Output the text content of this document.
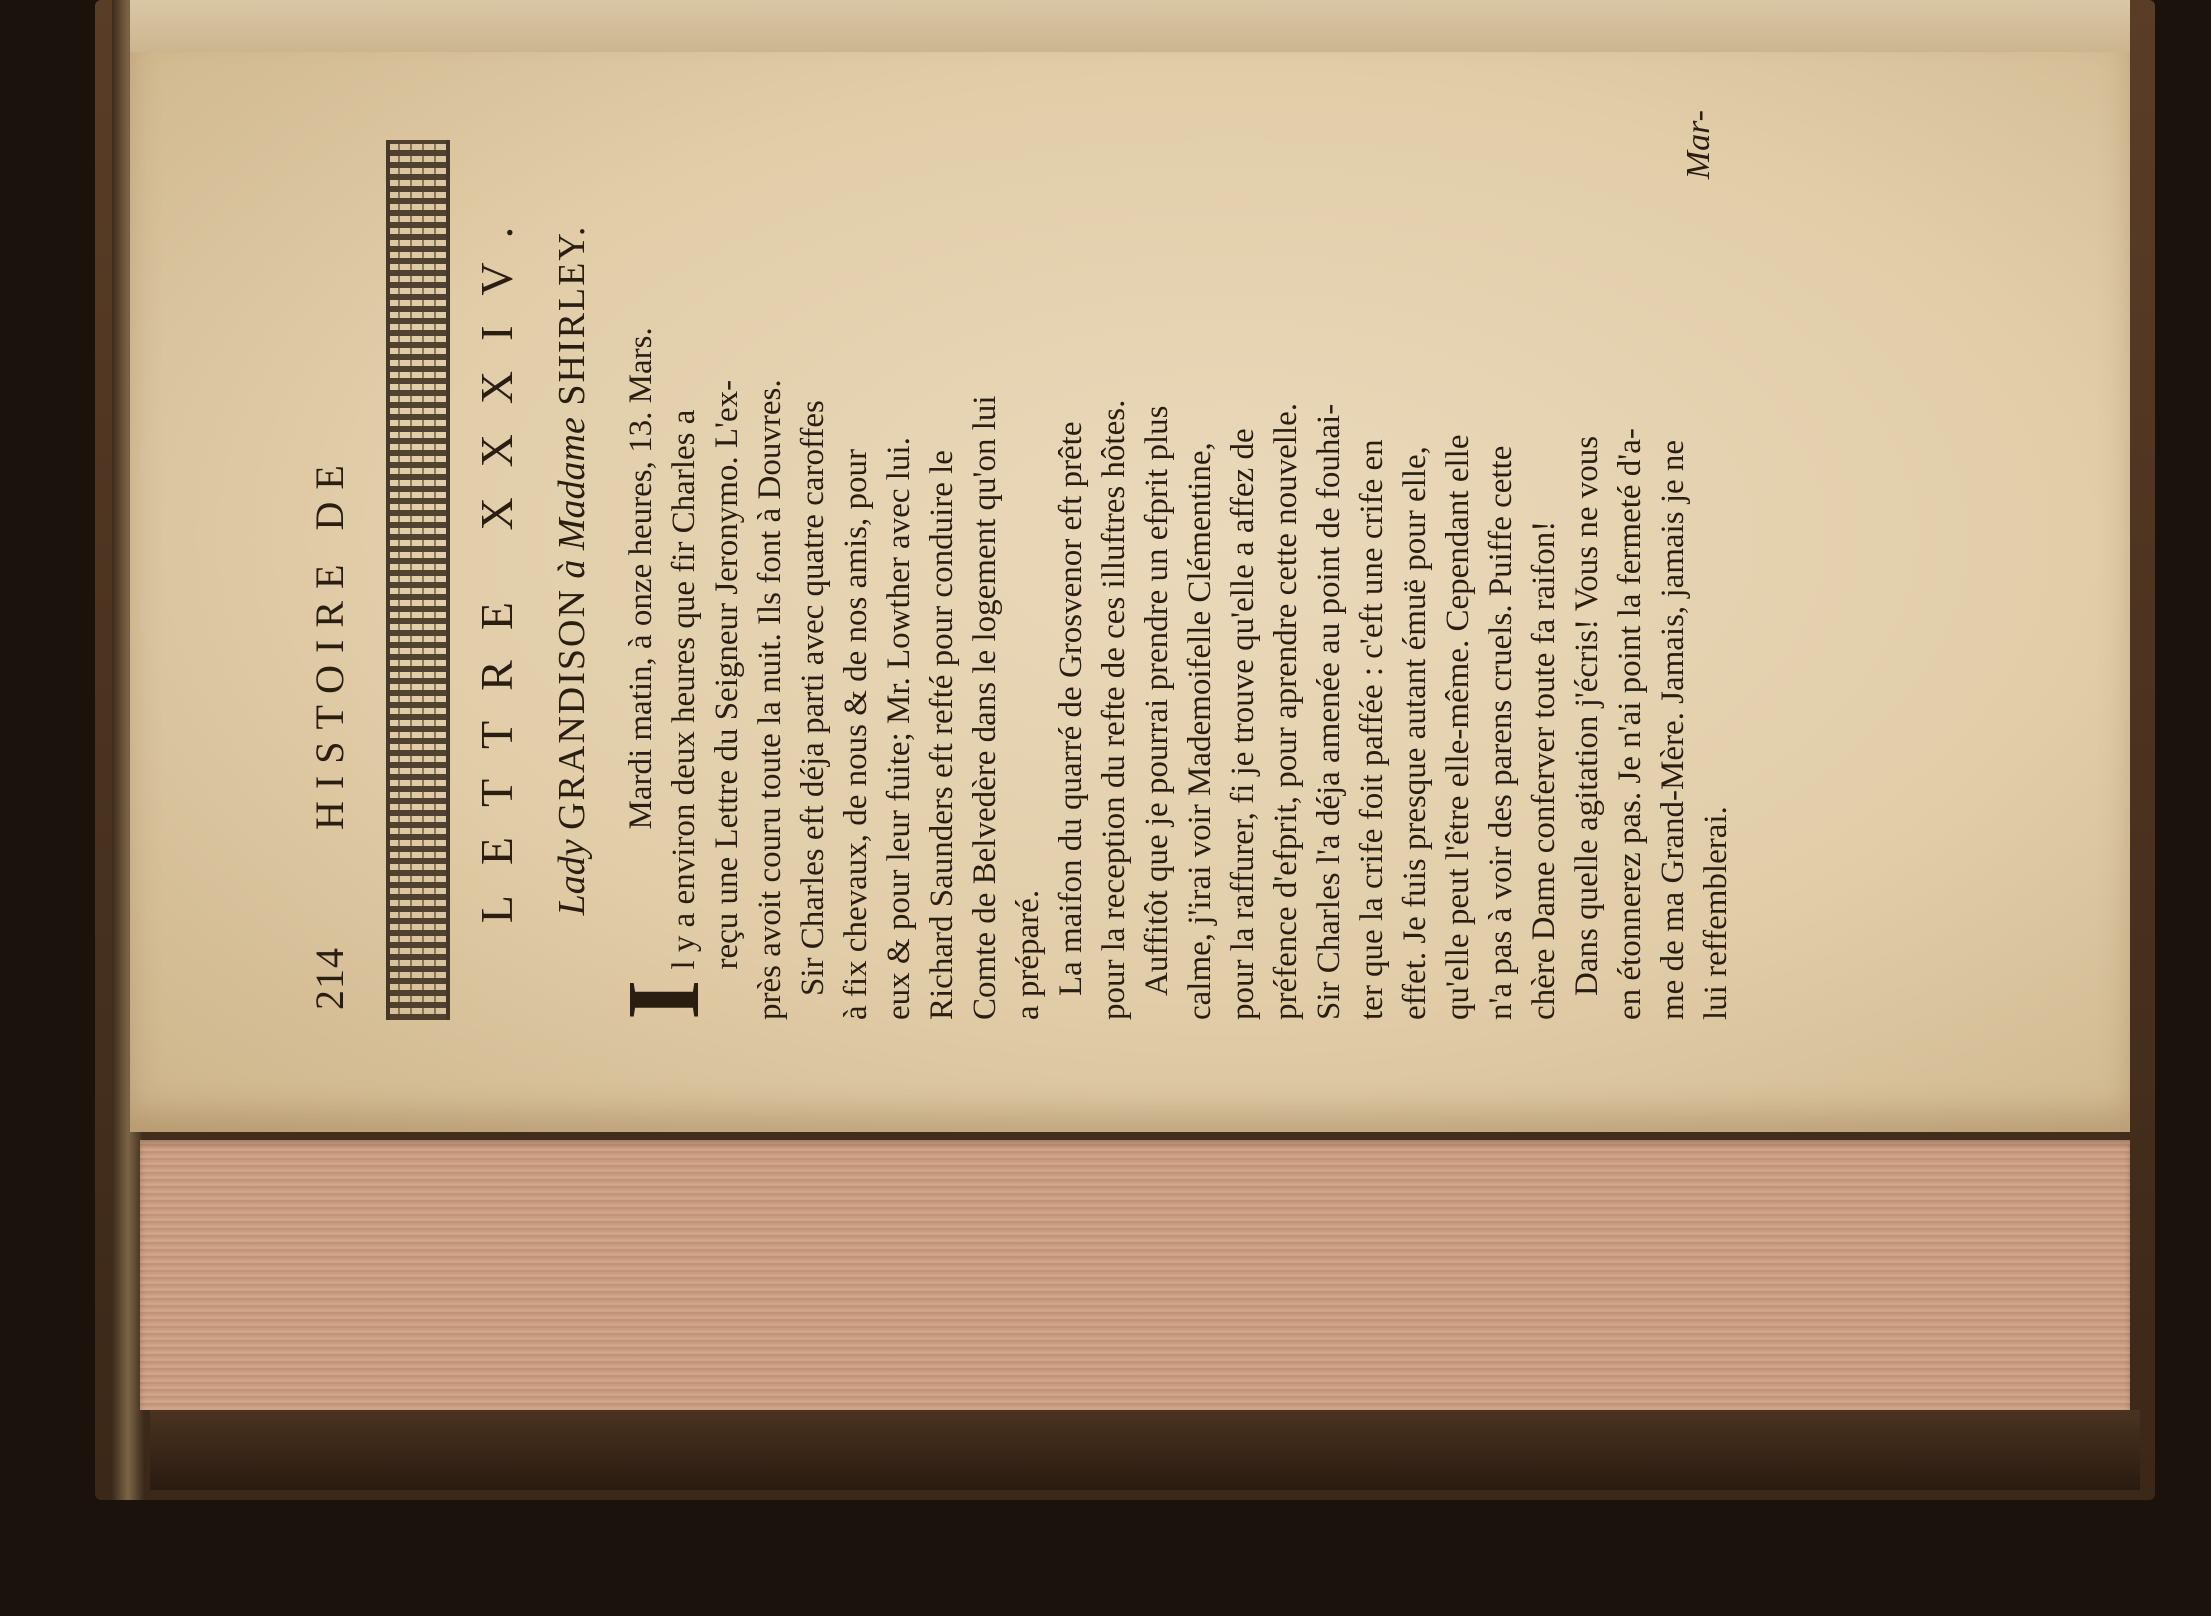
214
HISTOIRE DE	LETTRE XXXIV. Lady GRANDISON à Madame SHIRLEY.
I
Mardi matin, à onze heures, 13. Mars. l y a environ deux heures que fir Charles a reçu une Lettre du Seigneur Jeronymo. L'ex- près avoit couru toute la nuit. Ils font à Douvres. Sir Charles eft déja parti avec quatre caroffes à fix chevaux, de nous & de nos amis, pour eux & pour leur fuite; Mr. Lowther avec lui. Richard Saunders eft refté pour conduire le Comte de Belvedère dans le logement qu'on lui a préparé. La maifon du quarré de Grosvenor eft prête pour la reception du refte de ces illuftres hôtes. Auffitôt que je pourrai prendre un efprit plus calme, j'irai voir Mademoifelle Clémentine, pour la raffurer, fi je trouve qu'elle a affez de préfence d'efprit, pour aprendre cette nouvelle. Sir Charles l'a déja amenée au point de fouhai- ter que la crife foit paffée : c'eft une crife en effet. Je fuis presque autant émuë pour elle, qu'elle peut l'être elle-même. Cependant elle n'a pas à voir des parens cruels. Puiffe cette chère Dame conferver toute fa raifon! Dans quelle agitation j'écris! Vous ne vous en étonnerez pas. Je n'ai point la fermeté d'a- me de ma Grand-Mère. Jamais, jamais je ne lui reffemblerai.
Mar-
